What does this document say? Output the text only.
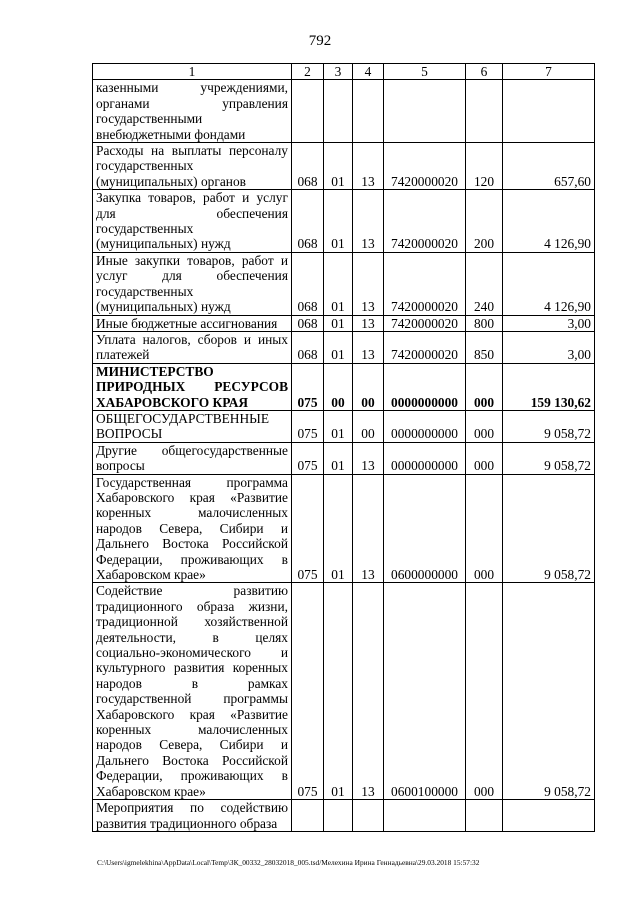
792
1	2	3	4	5	6	7
казенными учреждениями, органами управления государственными внебюджетными фондами						
Расходы на выплаты персоналу государственных (муниципальных) органов	068	01	13	7420000020	120	657,60
Закупка товаров, работ и услуг для обеспечения государственных (муниципальных) нужд	068	01	13	7420000020	200	4 126,90
Иные закупки товаров, работ и услуг для обеспечения государственных (муниципальных) нужд	068	01	13	7420000020	240	4 126,90
Иные бюджетные ассигнования	068	01	13	7420000020	800	3,00
Уплата налогов, сборов и иных платежей	068	01	13	7420000020	850	3,00
МИНИСТЕРСТВО ПРИРОДНЫХ РЕСУРСОВ ХАБАРОВСКОГО КРАЯ	075	00	00	0000000000	000	159 130,62
ОБЩЕГОСУДАРСТВЕННЫЕ ВОПРОСЫ	075	01	00	0000000000	000	9 058,72
Другие общегосударственные вопросы	075	01	13	0000000000	000	9 058,72
Государственная программа Хабаровского края «Развитие коренных малочисленных народов Севера, Сибири и Дальнего Востока Российской Федерации, проживающих в Хабаровском крае»	075	01	13	0600000000	000	9 058,72
Содействие развитию традиционного образа жизни, традиционной хозяйственной деятельности, в целях социально-экономического и культурного развития коренных народов в рамках государственной программы Хабаровского края «Развитие коренных малочисленных народов Севера, Сибири и Дальнего Востока Российской Федерации, проживающих в Хабаровском крае»	075	01	13	0600100000	000	9 058,72
Мероприятия по содействию развития традиционного образа						
C:\Users\igmelekhina\AppData\Local\Temp\ЗК_00332_28032018_005.tsd/Мелехина Ирина Геннадьевна\29.03.2018 15:57:32
